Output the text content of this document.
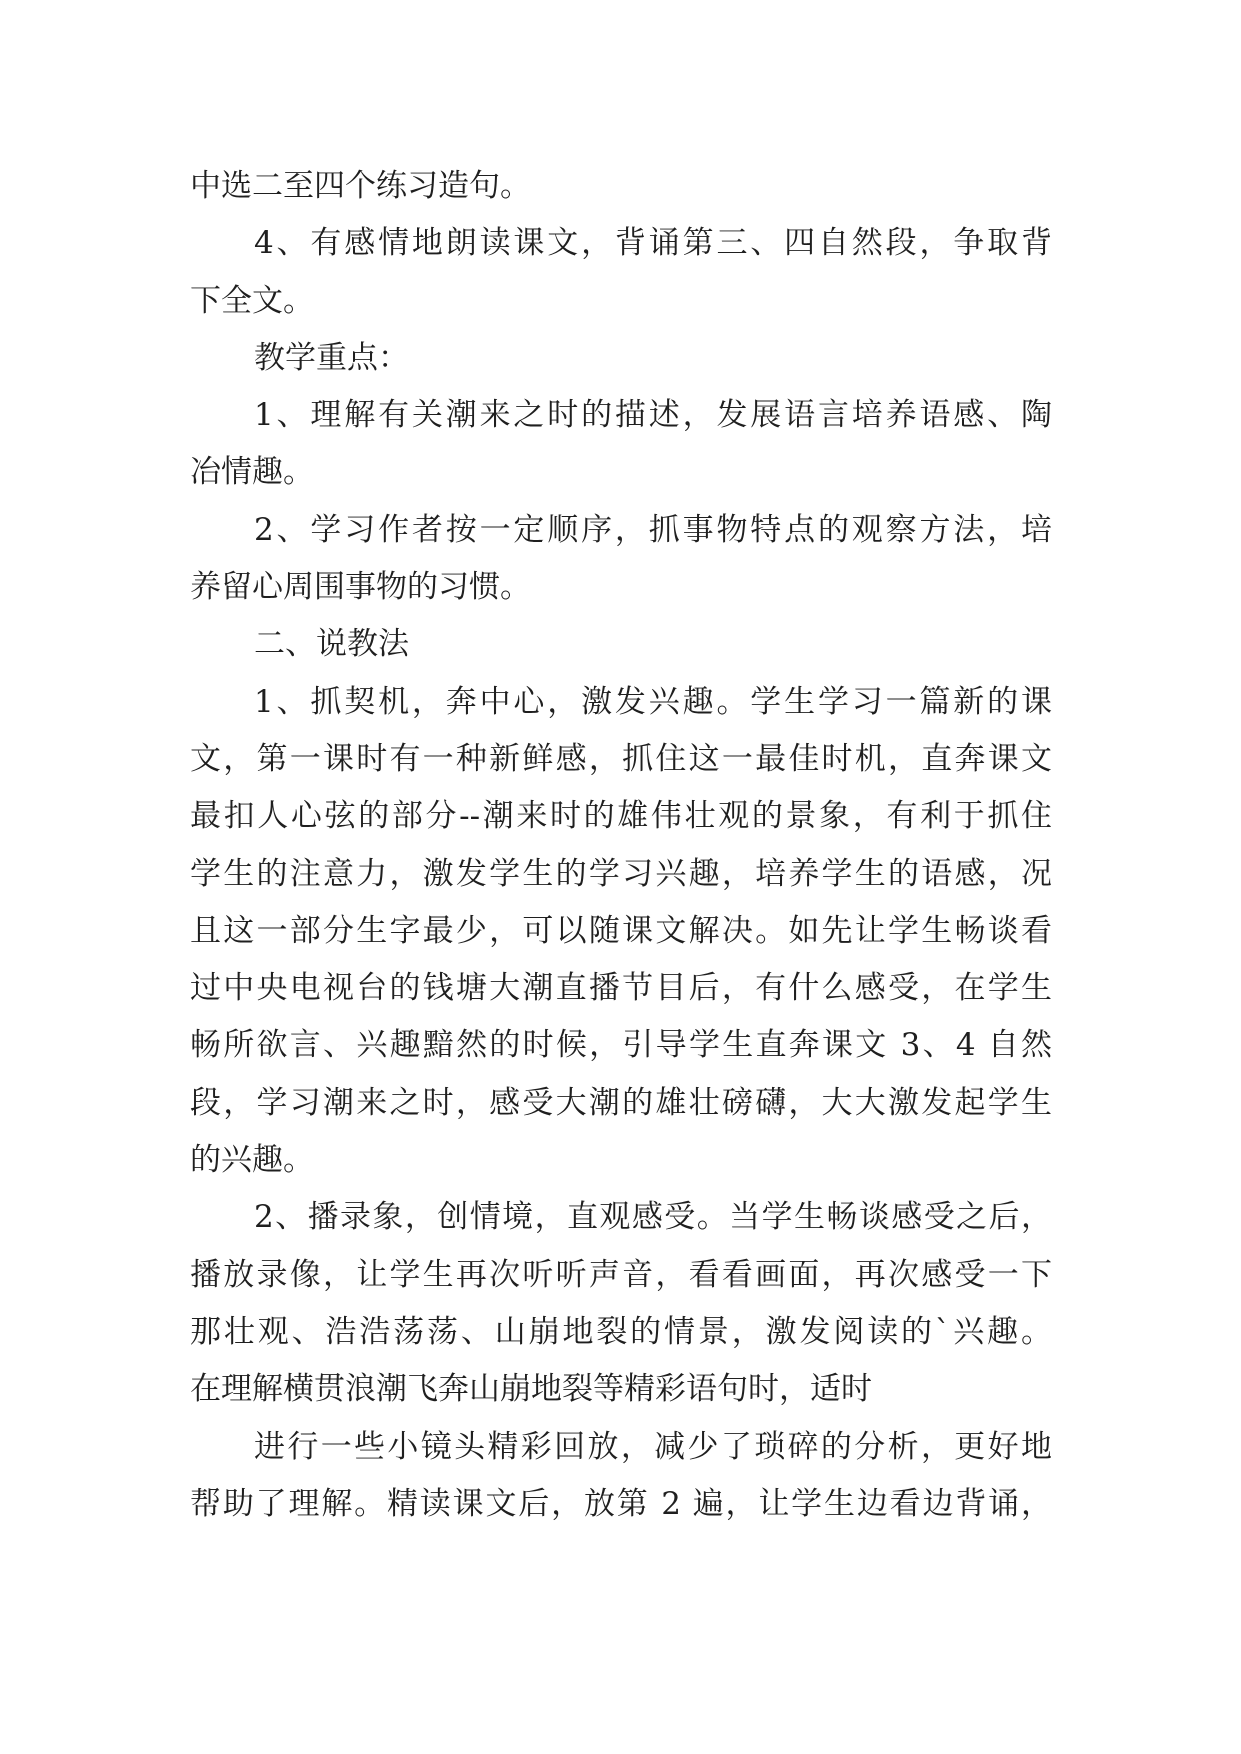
中选二至四个练习造句。
4、有感情地朗读课文，背诵第三、四自然段，争取背
下全文。
教学重点：
1、理解有关潮来之时的描述，发展语言培养语感、陶
冶情趣。
2、学习作者按一定顺序，抓事物特点的观察方法，培
养留心周围事物的习惯。
二、说教法
1、抓契机，奔中心，激发兴趣。学生学习一篇新的课
文，第一课时有一种新鲜感，抓住这一最佳时机，直奔课文
最扣人心弦的部分--潮来时的雄伟壮观的景象，有利于抓住
学生的注意力，激发学生的学习兴趣，培养学生的语感，况
且这一部分生字最少，可以随课文解决。如先让学生畅谈看
过中央电视台的钱塘大潮直播节目后，有什么感受，在学生
畅所欲言、兴趣黯然的时候，引导学生直奔课文 3、4 自然
段，学习潮来之时，感受大潮的雄壮磅礴，大大激发起学生
的兴趣。
2、播录象，创情境，直观感受。当学生畅谈感受之后，
播放录像，让学生再次听听声音，看看画面，再次感受一下
那壮观、浩浩荡荡、山崩地裂的情景，激发阅读的`兴趣。
在理解横贯浪潮飞奔山崩地裂等精彩语句时，适时
进行一些小镜头精彩回放，减少了琐碎的分析，更好地
帮助了理解。精读课文后，放第 2 遍，让学生边看边背诵，
